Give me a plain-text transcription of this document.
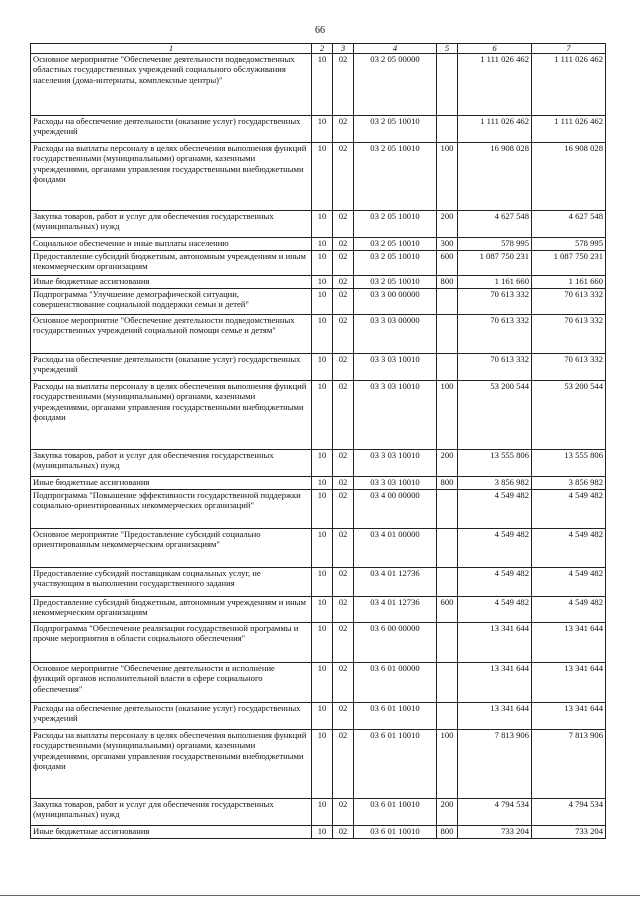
66
1	2	3	4	5	6	7
Основное мероприятие "Обеспечение деятельности подведомственных областных государственных учреждений социального обслуживания населения (дома-интернаты, комплексные центры)"	10	02	03 2 05 00000		1 111 026 462	1 111 026 462
Расходы на обеспечение деятельности (оказание услуг) государственных учреждений	10	02	03 2 05 10010		1 111 026 462	1 111 026 462
Расходы на выплаты персоналу в целях обеспечения выполнения функций государственными (муниципальными) органами, казенными учреждениями, органами управления государственными внебюджетными фондами	10	02	03 2 05 10010	100	16 908 028	16 908 028
Закупка товаров, работ и услуг для обеспечения государственных (муниципальных) нужд	10	02	03 2 05 10010	200	4 627 548	4 627 548
Социальное обеспечение и иные выплаты населению	10	02	03 2 05 10010	300	578 995	578 995
Предоставление субсидий бюджетным, автономным учреждениям и иным некоммерческим организациям	10	02	03 2 05 10010	600	1 087 750 231	1 087 750 231
Иные бюджетные ассигнования	10	02	03 2 05 10010	800	1 161 660	1 161 660
Подпрограмма "Улучшение демографической ситуации, совершенствование социальной поддержки семьи и детей"	10	02	03 3 00 00000		70 613 332	70 613 332
Основное мероприятие "Обеспечение деятельности подведомственных государственных учреждений социальной помощи семье и детям"	10	02	03 3 03 00000		70 613 332	70 613 332
Расходы на обеспечение деятельности (оказание услуг) государственных учреждений	10	02	03 3 03 10010		70 613 332	70 613 332
Расходы на выплаты персоналу в целях обеспечения выполнения функций государственными (муниципальными) органами, казенными учреждениями, органами управления государственными внебюджетными фондами	10	02	03 3 03 10010	100	53 200 544	53 200 544
Закупка товаров, работ и услуг для обеспечения государственных (муниципальных) нужд	10	02	03 3 03 10010	200	13 555 806	13 555 806
Иные бюджетные ассигнования	10	02	03 3 03 10010	800	3 856 982	3 856 982
Подпрограмма "Повышение эффективности государственной поддержки социально-ориентированных некоммерческих организаций"	10	02	03 4 00 00000		4 549 482	4 549 482
Основное мероприятие "Предоставление субсидий социально ориентированным некоммерческим организациям"	10	02	03 4 01 00000		4 549 482	4 549 482
Предоставление субсидий поставщикам социальных услуг, не участвующим в выполнении государственного задания	10	02	03 4 01 12736		4 549 482	4 549 482
Предоставление субсидий бюджетным, автономным учреждениям и иным некоммерческим организациям	10	02	03 4 01 12736	600	4 549 482	4 549 482
Подпрограмма "Обеспечение реализации государственной программы и прочие мероприятия в области социального обеспечения"	10	02	03 6 00 00000		13 341 644	13 341 644
Основное мероприятие "Обеспечение деятельности и исполнение функций органов исполнительной власти в сфере социального обеспечения"	10	02	03 6 01 00000		13 341 644	13 341 644
Расходы на обеспечение деятельности (оказание услуг) государственных учреждений	10	02	03 6 01 10010		13 341 644	13 341 644
Расходы на выплаты персоналу в целях обеспечения выполнения функций государственными (муниципальными) органами, казенными учреждениями, органами управления государственными внебюджетными фондами	10	02	03 6 01 10010	100	7 813 906	7 813 906
Закупка товаров, работ и услуг для обеспечения государственных (муниципальных) нужд	10	02	03 6 01 10010	200	4 794 534	4 794 534
Иные бюджетные ассигнования	10	02	03 6 01 10010	800	733 204	733 204
